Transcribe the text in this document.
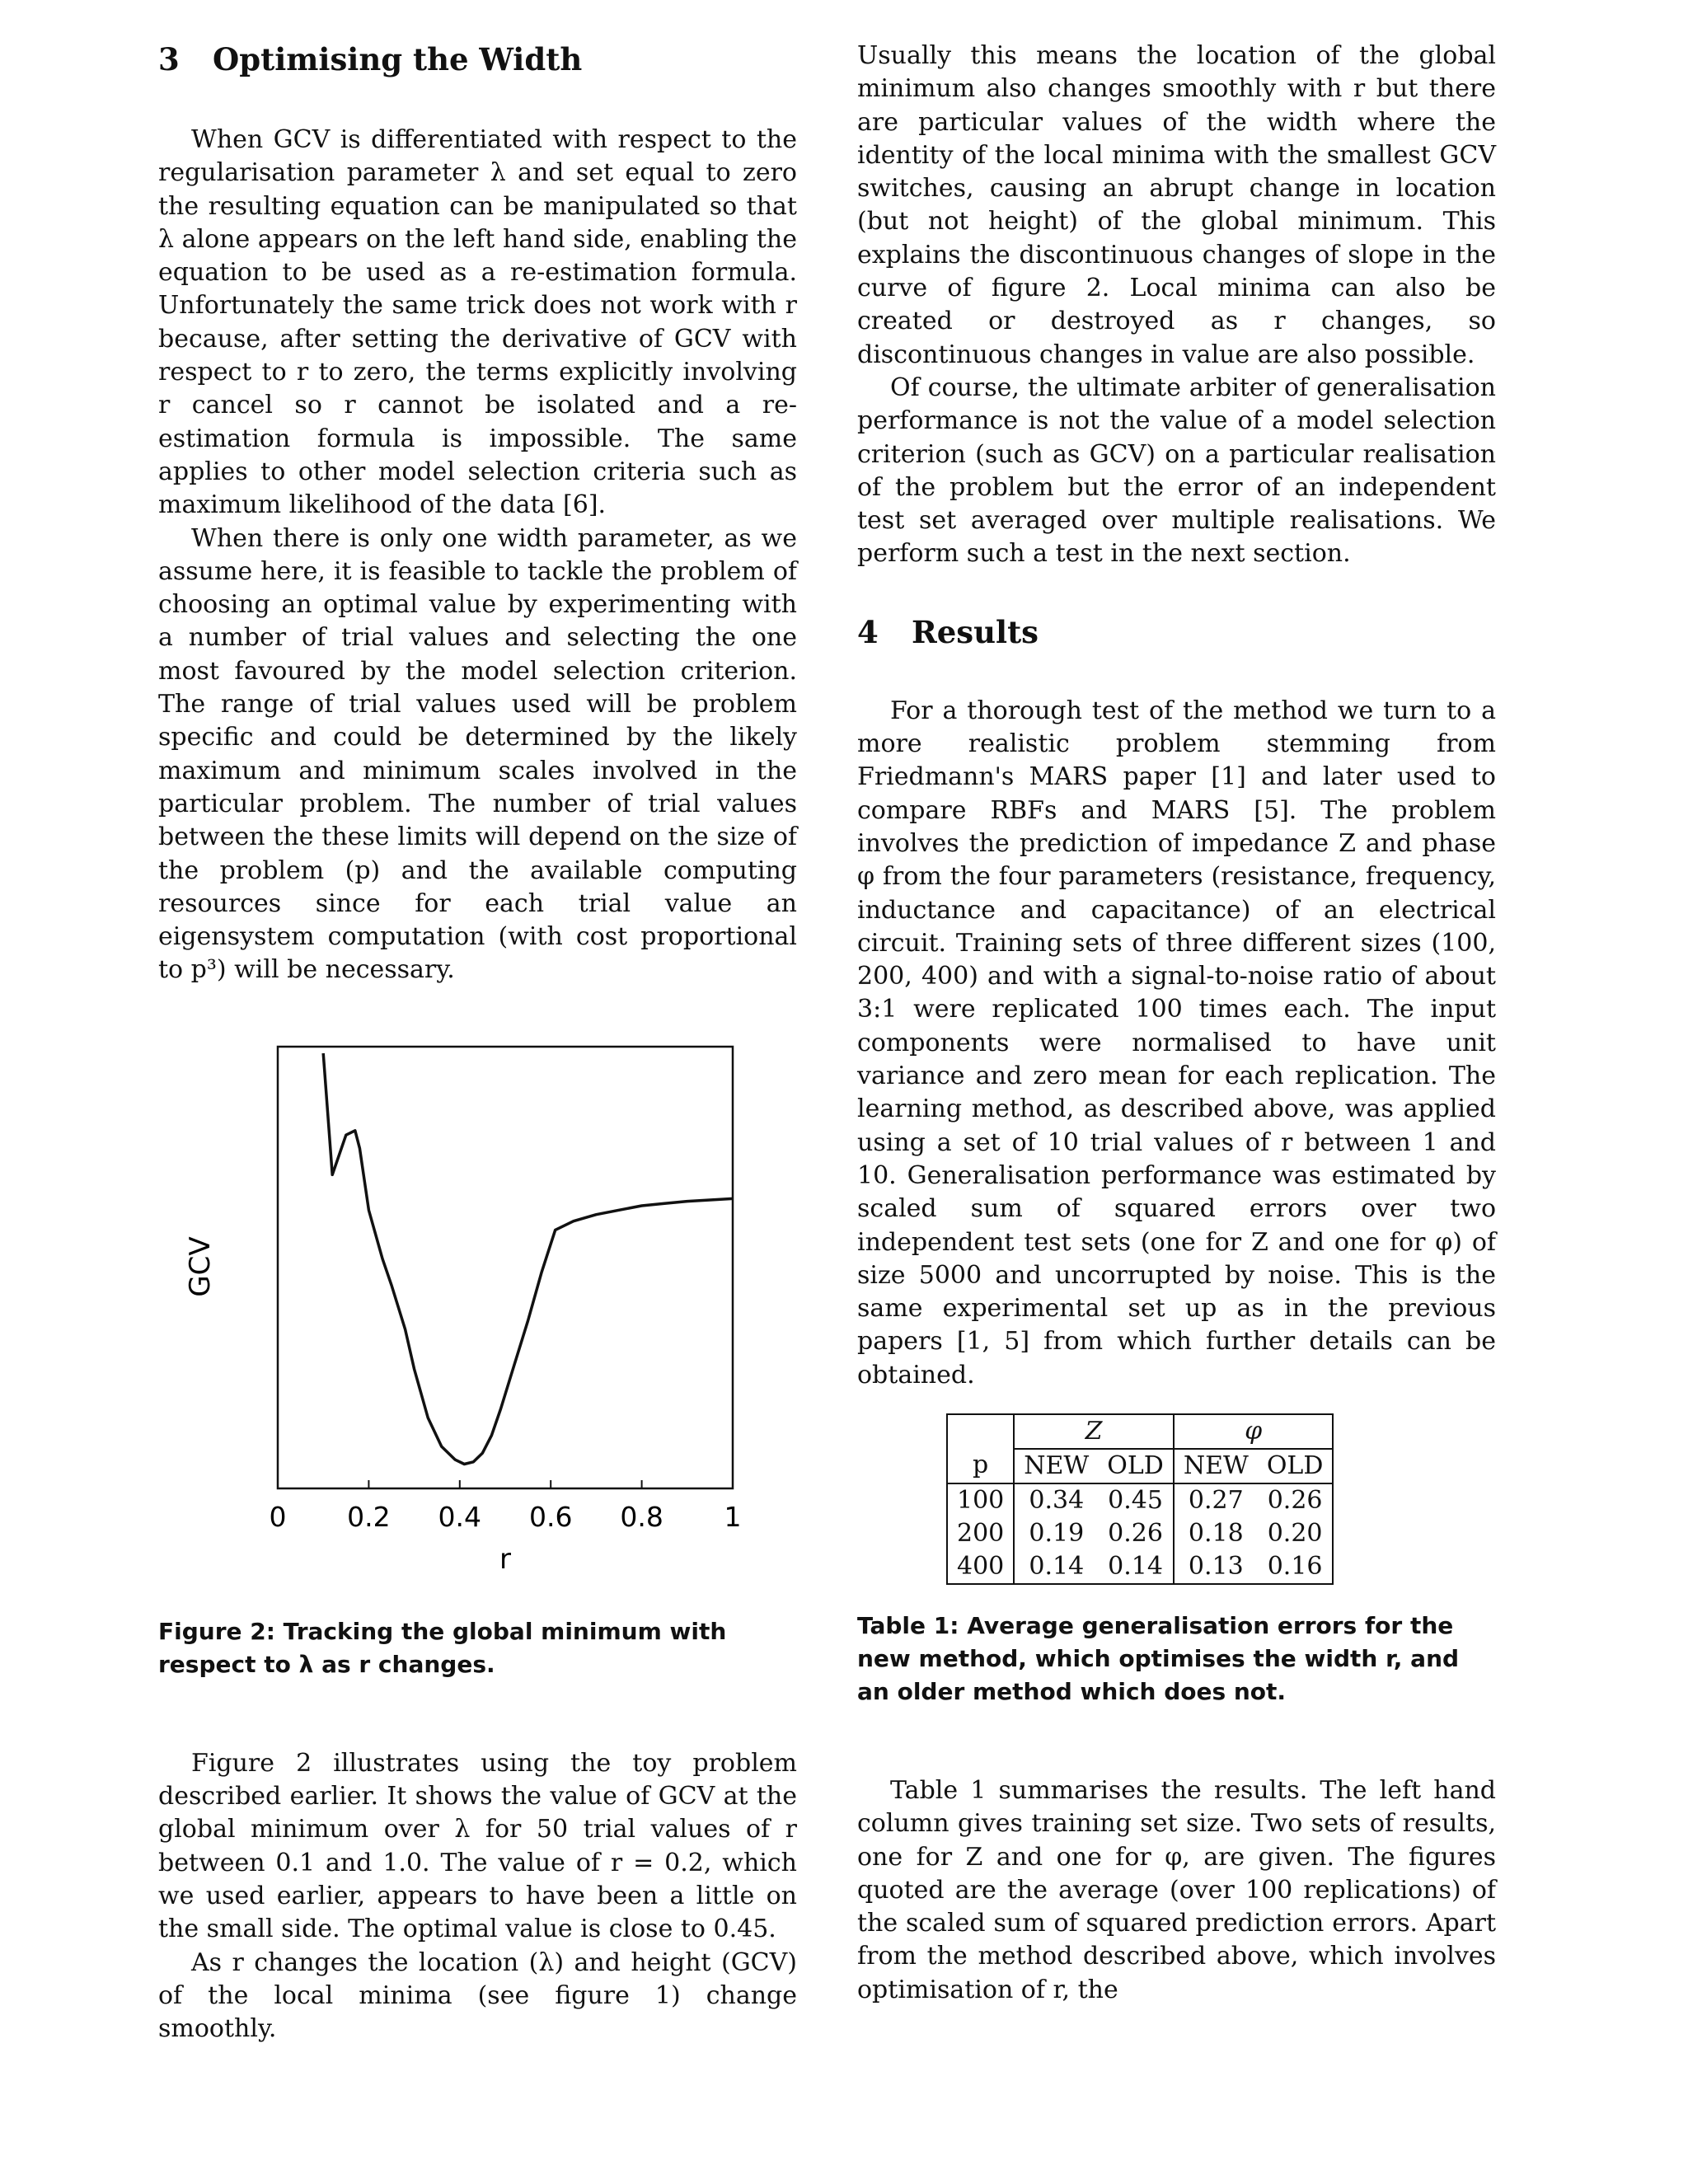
3 Optimising the Width

When GCV is differentiated with respect to the regularisation parameter λ and set equal to zero the resulting equation can be manipulated so that λ alone appears on the left hand side, enabling the equation to be used as a re-estimation formula. Unfortunately the same trick does not work with r because, after setting the derivative of GCV with respect to r to zero, the terms explicitly involving r cancel so r cannot be isolated and a re-estimation formula is impossible. The same applies to other model selection criteria such as maximum likelihood of the data [6].

When there is only one width parameter, as we assume here, it is feasible to tackle the problem of choosing an optimal value by experimenting with a number of trial values and selecting the one most favoured by the model selection criterion. The range of trial values used will be problem specific and could be determined by the likely maximum and minimum scales involved in the particular problem. The number of trial values between the these limits will depend on the size of the problem (p) and the available computing resources since for each trial value an eigensystem computation (with cost proportional to p³) will be necessary.

0 0.2 0.4 0.6 0.8 1
GCV
r

Figure 2: Tracking the global minimum with respect to λ as r changes.

Figure 2 illustrates using the toy problem described earlier. It shows the value of GCV at the global minimum over λ for 50 trial values of r between 0.1 and 1.0. The value of r = 0.2, which we used earlier, appears to have been a little on the small side. The optimal value is close to 0.45.

As r changes the location (λ) and height (GCV) of the local minima (see figure 1) change smoothly.

Usually this means the location of the global minimum also changes smoothly with r but there are particular values of the width where the identity of the local minima with the smallest GCV switches, causing an abrupt change in location (but not height) of the global minimum. This explains the discontinuous changes of slope in the curve of figure 2. Local minima can also be created or destroyed as r changes, so discontinuous changes in value are also possible.

Of course, the ultimate arbiter of generalisation performance is not the value of a model selection criterion (such as GCV) on a particular realisation of the problem but the error of an independent test set averaged over multiple realisations. We perform such a test in the next section.

4 Results

For a thorough test of the method we turn to a more realistic problem stemming from Friedmann's MARS paper [1] and later used to compare RBFs and MARS [5]. The problem involves the prediction of impedance Z and phase φ from the four parameters (resistance, frequency, inductance and capacitance) of an electrical circuit. Training sets of three different sizes (100, 200, 400) and with a signal-to-noise ratio of about 3:1 were replicated 100 times each. The input components were normalised to have unit variance and zero mean for each replication. The learning method, as described above, was applied using a set of 10 trial values of r between 1 and 10. Generalisation performance was estimated by scaled sum of squared errors over two independent test sets (one for Z and one for φ) of size 5000 and uncorrupted by noise. This is the same experimental set up as in the previous papers [1, 5] from which further details can be obtained.

	Z		φ	
p	NEW	OLD	NEW	OLD
100	0.34	0.45	0.27	0.26
200	0.19	0.26	0.18	0.20
400	0.14	0.14	0.13	0.16

Table 1: Average generalisation errors for the new method, which optimises the width r, and an older method which does not.

Table 1 summarises the results. The left hand column gives training set size. Two sets of results, one for Z and one for φ, are given. The figures quoted are the average (over 100 replications) of the scaled sum of squared prediction errors. Apart from the method described above, which involves optimisation of r, the
